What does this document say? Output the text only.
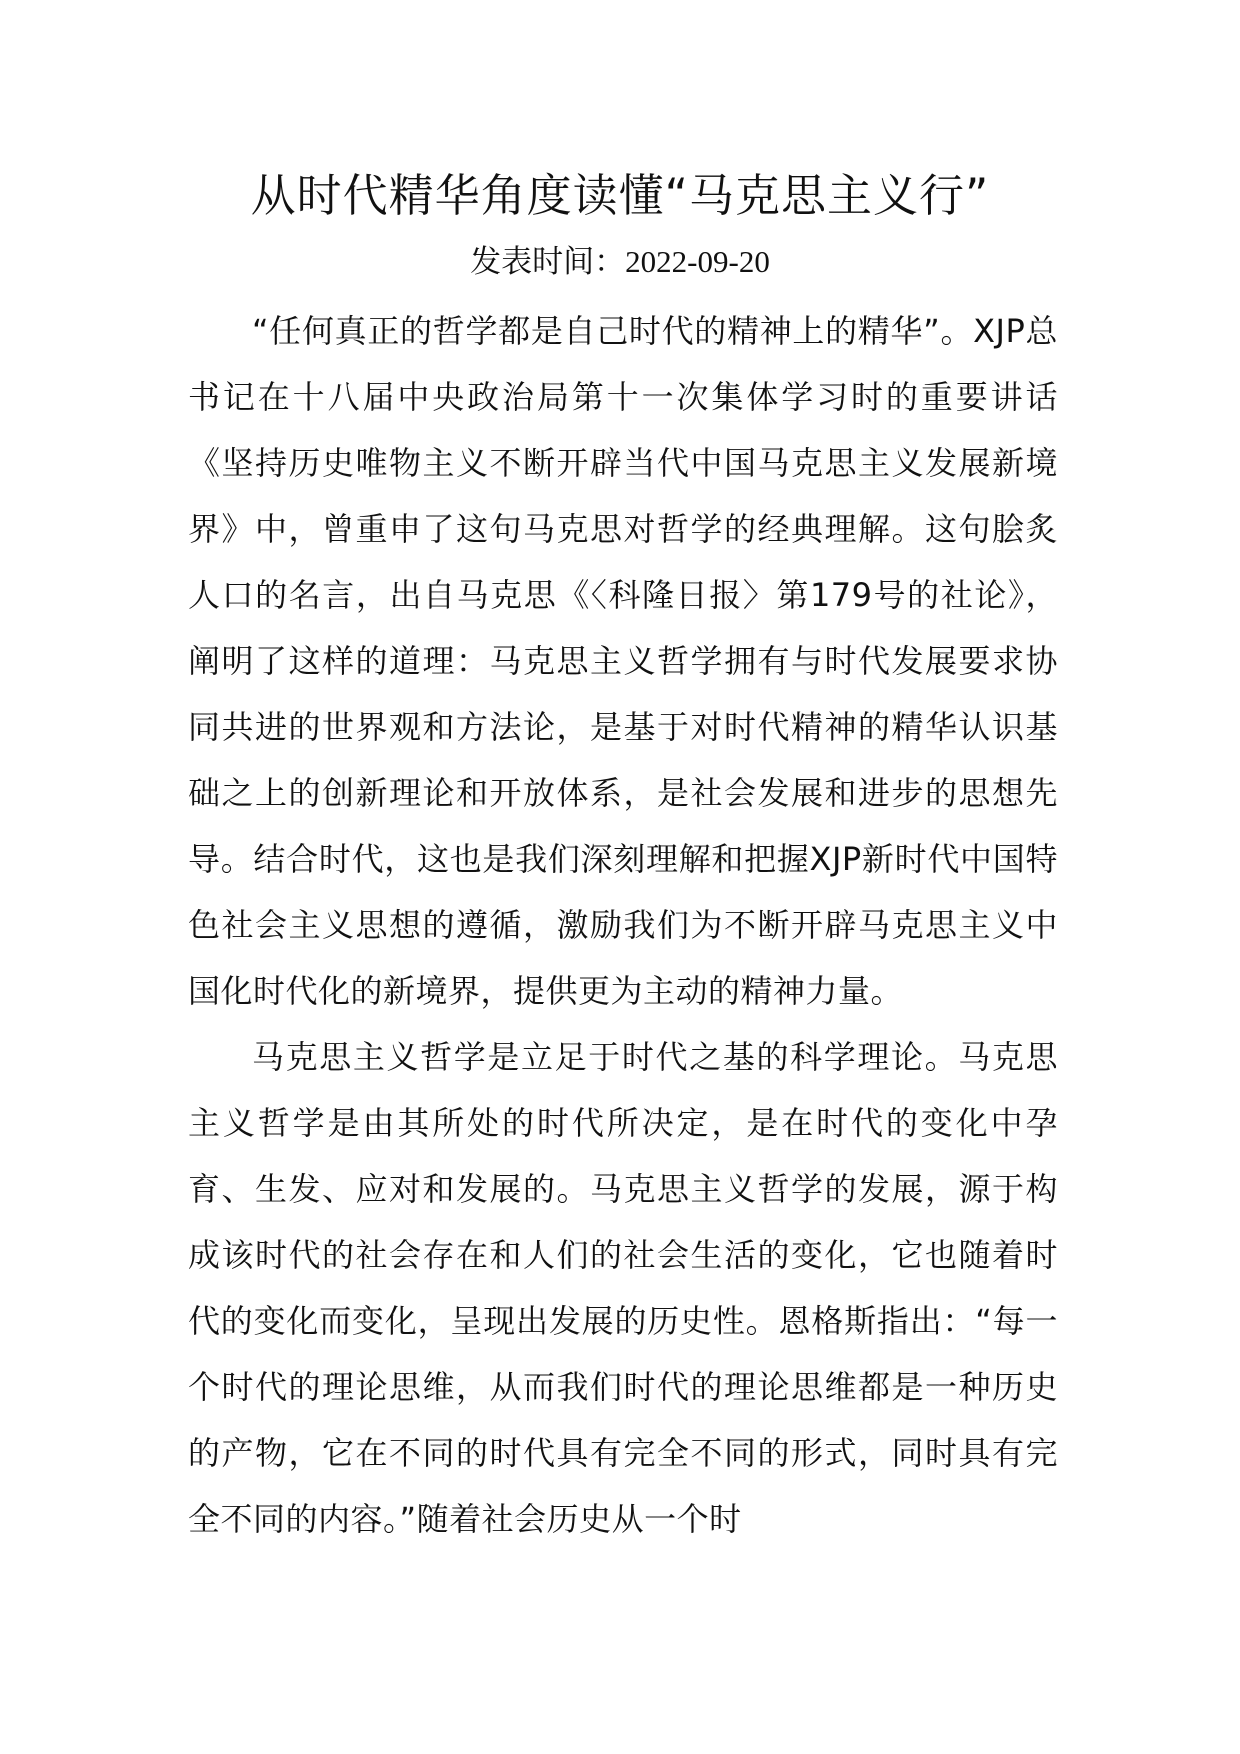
从时代精华角度读懂“马克思主义行”
发表时间：2022-09-20

“任何真正的哲学都是自己时代的精神上的精华”。XJP总书记在十八届中央政治局第十一次集体学习时的重要讲话《坚持历史唯物主义不断开辟当代中国马克思主义发展新境界》中，曾重申了这句马克思对哲学的经典理解。这句脍炙人口的名言，出自马克思《〈科隆日报〉第179号的社论》，阐明了这样的道理：马克思主义哲学拥有与时代发展要求协同共进的世界观和方法论，是基于对时代精神的精华认识基础之上的创新理论和开放体系，是社会发展和进步的思想先导。结合时代，这也是我们深刻理解和把握XJP新时代中国特色社会主义思想的遵循，激励我们为不断开辟马克思主义中国化时代化的新境界，提供更为主动的精神力量。

马克思主义哲学是立足于时代之基的科学理论。马克思主义哲学是由其所处的时代所决定，是在时代的变化中孕育、生发、应对和发展的。马克思主义哲学的发展，源于构成该时代的社会存在和人们的社会生活的变化，它也随着时代的变化而变化，呈现出发展的历史性。恩格斯指出：“每一个时代的理论思维，从而我们时代的理论思维都是一种历史的产物，它在不同的时代具有完全不同的形式，同时具有完全不同的内容。”随着社会历史从一个时
